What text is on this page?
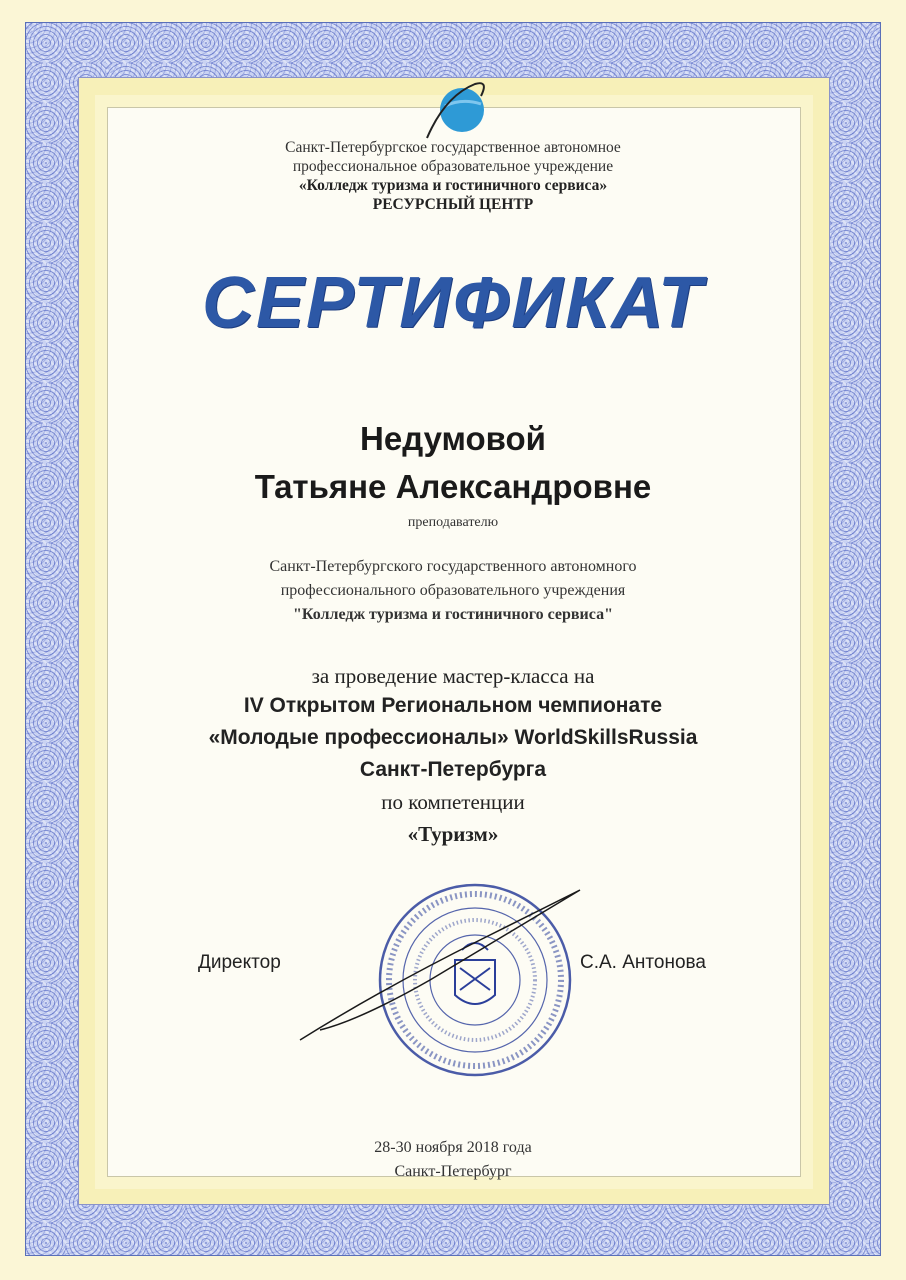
Санкт-Петербургское государственное автономное
профессиональное образовательное учреждение
«Колледж туризма и гостиничного сервиса»
РЕСУРСНЫЙ ЦЕНТР
СЕРТИФИКАТ
Недумовой
Татьяне Александровне
преподавателю
Санкт-Петербургского государственного автономного
профессионального образовательного учреждения
"Колледж туризма и гостиничного сервиса"
за проведение мастер-класса на
IV Открытом Региональном чемпионате
«Молодые профессионалы» WorldSkillsRussia
Санкт-Петербурга
по компетенции
«Туризм»
Директор	С.А. Антонова
28-30 ноября 2018 года
Санкт-Петербург
